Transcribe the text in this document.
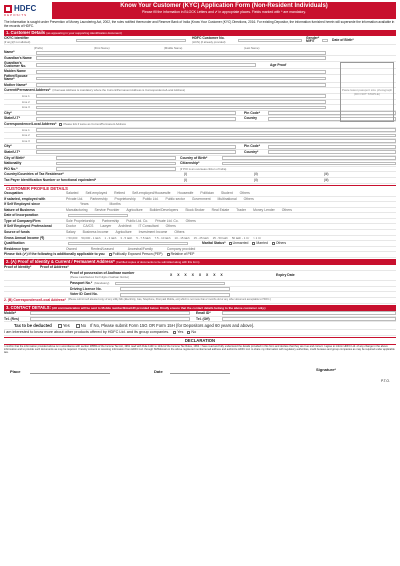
HDFC
DEPOSITS
Know Your Customer (KYC) Application Form (Non-Resident Individuals)
Please fill the information in BLOCK Letters and ✔ in appropriate places. Fields marked with * are mandatory.
The information is sought under Prevention of Money Laundering Act, 2002, the rules notified thereunder and Reserve Bank of India (Know Your Customer (KYC) Directions, 2016. For existing Depositor, the information furnished herein will supersede the information available in the records of HDFC.
1. Customer Details (as appearing in your supporting identification document)
CKYC Identifier
(if any)(if not allotted)
HDFC Customer No.
(HCN) (if already provided)
Gender* M/F/T	Date of Birth*
(Prefix)	(First Name)	(Middle Name)	(Last Name)
Name*
Guardian's Name
Guardian's Customer No.	Age Proof
Maiden Name
Father/Spouse Name*
Mother Name*
Current/Permanent Address* (Overseas Address is mandatory where the Current/Permanent Address is Correspondence/Local Address)
Line 1
Line 2
Line 3
City*	Pin Code*
State/U.T*	Country
Correspondence/Local Address*	Please tick if same as Current/Permanent Address
Line 1
Line 2
Line 3
City*	Pin Code*
State/U.T*	Country*
City of Birth*	Country of Birth*
Nationality	Citizenship*
PIO No.*	(if PIO is an overseas citizen of India)
Country/Countries of Tax Residence*	(i)	(ii)	(iii)
Tax Payer Identification Number or functional equivalent*	(i)	(ii)	(iii)
Paste latest passport size photograph (DO NOT STAPLE)
CUSTOMER PROFILE DETAILS
Occupation	Salaried Self-employed Retired Self-employed/Housewife Housewife Politician Student Others
If salaried, employed with	Private Ltd. Partnership Proprietorship Public Ltd. Public sector Government Multinational Others
If Self Employed since	Years	Months
Nature of Business	Manufacturing Service Provider Agriculture Builder/Developers Stock Broker Real Estate Trader Money Lender Others
Date of Incorporation
Type of Company/Firm	Sole Proprietorship Partnership Public Ltd. Co. Private Ltd. Co. Others
If Self Employed Professional	Doctor CA/CS Lawyer Architect IT Consultant Others
Source of funds	Salary Business Income Agriculture Investment Income Others
Gross Annual Income (₹)	< 50,000 50,000 - 1 lakh 1 - 3 lakh 3 - 5 lakh 5 - 7.5 lakh 7.5 - 10 lakh 10 - 15 lakh 15 - 25 lakh 25 - 50 lakh 50 lakh - 1 Cr > 1 Cr
Qualification	Marital Status* Unmarried Married Others
Residence type	Owned	Rented/Leased	Ancestral/Family	Company provided
Please tick (✔) if the following is additionally applicable to you Politically Exposed Person (PEP) Relative of PEP
2. (A) Proof of Identity & Current / Permanent Address* (Certified copies of documents to be submitted along with this form)
Proof of Identity*	Proof of Address*
Proof of possession of Aadhaar number
(Please mask/blackout first 8 digits of Aadhaar Number)	X X X X X X X X	Expiry Date
Passport No.* (Mandatory)
Driving Licence No.
Voter ID Card No.
2. (B) Correspondence/Local Address* (Please submit self attested copy of any utility bills (Electricity, Gas, Telephone, Post paid Mobile, etc) which is not more than 2 months old or any other document acceptable to HDFC.)
3. CONTACT DETAILS: (All communication will be sent to Mobile number/Email-ID provided below. Kindly ensure that the contact details belong to the above customer only.)
Mobile*	Email ID*
Tel. (Res)	Tel. (Off)
Tax to be deducted	Yes	No If No, Please submit Form 15G OR Form 15H (for Depositors aged 60 years and above).
I am interested to know more about other products offered by HDFC Ltd. and its group companies. Yes No
DECLARATION
I confirm that the information provided above is in accordance with section 285BA of the Income Tax Act, 1961 read with Rule 114F to 114H of the Income Tax Rules, 1962. I have read and fully understood the details provided in this form and declare that they are true and correct. I agree to inform HDFC Ltd. of any change in the above information and to provide such documents as may be required. I hereby consent to receiving information from HDFC Ltd. through SMS/Email on the above registered number/email address and authorize HDFC Ltd. to share my information with regulatory authorities, credit bureaus and group companies as may be required under applicable law.
Signature*
Place	Date
P.T.O.
